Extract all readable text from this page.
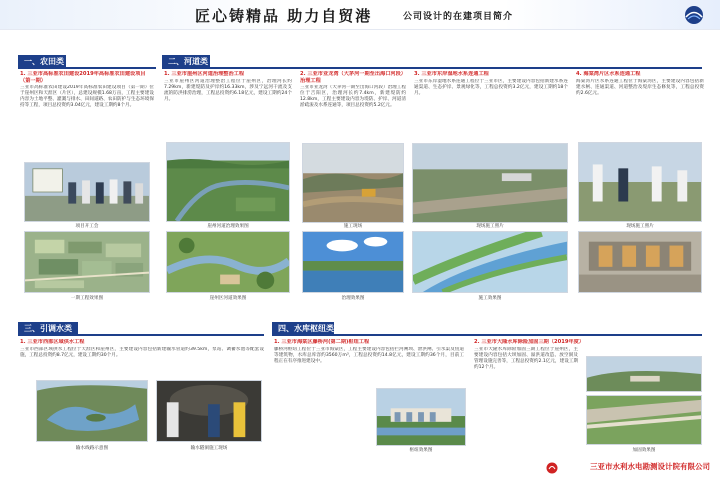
匠心铸精品 助力自贸港	公司设计的在建项目简介
一、农田类	二、河道类
1. 三亚市高标准农田建设2019年高标准农田建设项目（第一期）
三亚市高标准农田建设2019年高标准农田建设项目（第一期）位于崖州区和天涯区（片区），总建设规模1.68万亩，工程主要建设内容为土地平整、灌溉与排水、田间道路、农田防护与生态环境保持等工程，项目总投资约3.04亿元，建设工期约8个月。
项目开工会
一期工程效果图
1. 三亚市崖州区河道治理整治工程
三亚市崖州区河道治理整治工程位于崖州区，治理河长约7.29km，新建堤防及护岸约16.33km，涉及宁远河干流及支流的防洪排涝治理，工程总投资约6.18亿元，建设工期约24个月。
崖州河道治理效果图
崖州区河道效果图
2. 三亚市亚龙湾（大茅河一期至出海口河段）治理工程
三亚市亚龙湾（大茅河一期至出海口河段）治理工程位于吉阳区，治理河长约7.4km，新建堤防约12.8km，工程主要建设内容为堤防、护岸、河道清淤疏浚及水系连通等，项目总投资约5.2亿元。
施工现场
治理效果图
3. 三亚市东岸湿地水系连通工程
三亚市东岸湿地水系连通工程位于三亚市区，主要建设内容包括新建水系连通渠道、生态护岸、景观绿化等，工程总投资约3.2亿元，建设工期约18个月。
现场施工照片
施工效果图
4. 海棠湾片区水系连通工程
海棠湾片区水系连通工程位于海棠湾区，主要建设内容包括新建水闸、连通渠道、河道整治及堤岸生态修复等，工程总投资约2.6亿元。
现场施工照片
三、引调水类	四、水库枢纽类
1. 三亚市西部区域供水工程
三亚市西部区域供水工程位于天涯区和崖州区，主要建设内容包括新建输水管道约39.5km，泵站、调蓄水池等配套设施，工程总投资约8.7亿元，建设工期约30个月。
输水线路示意图	输水隧洞施工现场
1. 三亚市海棠区藤桥河(第二期)枢纽工程
藤桥河枢纽工程位于三亚市海棠区，工程主要建设内容包括拦河闸坝、泄洪闸、引水渠及鱼道等建筑物，水库总库容约3560万m³，工程总投资约14.8亿元，建设工期约36个月，目前工程正在有序推进建设中。
枢纽效果图
2. 三亚市大隆水库除险加固三期（2019年度）
三亚市大隆水库除险加固三期工程位于崖州区，主要建设内容包括大坝加固、溢洪道改造、放空洞及管理设施完善等，工程总投资约2.1亿元，建设工期约12个月。
加固效果图
三亚市水利水电勘测设计院有限公司
